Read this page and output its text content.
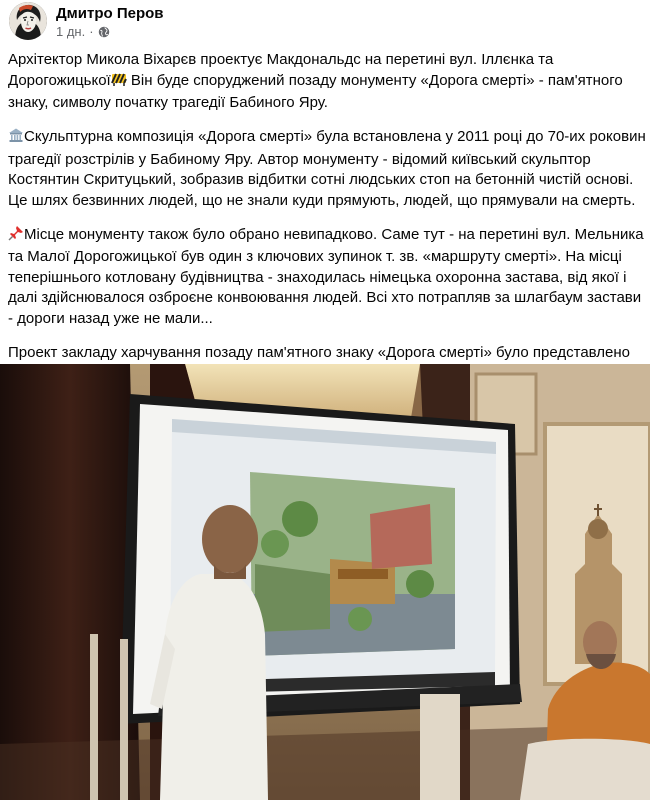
Дмитро Перов
1 дн. ·

Архітектор Микола Віхарєв проектує Макдональдс на перетині вул. Іллєнка та Дорогожицької Він буде споруджений позаду монументу «Дорога смерті» - пам'ятного знаку, символу початку трагедії Бабиного Яру.

Скульптурна композиція «Дорога смерті» була встановлена у 2011 році до 70-их роковин трагедії розстрілів у Бабиному Яру. Автор монументу - відомий київський скульптор Костянтин Скритуцький, зобразив відбитки сотні людських стоп на бетонній чистій основі. Це шлях безвинних людей, що не знали куди прямують, людей, що прямували на смерть.

Місце монументу також було обрано невипадково. Саме тут - на перетині вул. Мельника та Малої Дорогожицької був один з ключових зупинок т. зв. «маршруту смерті». На місці теперішнього котловану будівництва - знаходилась німецька охоронна застава, від якої і далі здійснювалося озброєне конвоювання людей. Всі хто потрапляв за шлагбаум застави - дороги назад уже не мали...

Проект закладу харчування позаду пам'ятного знаку «Дорога смерті» було представлено
